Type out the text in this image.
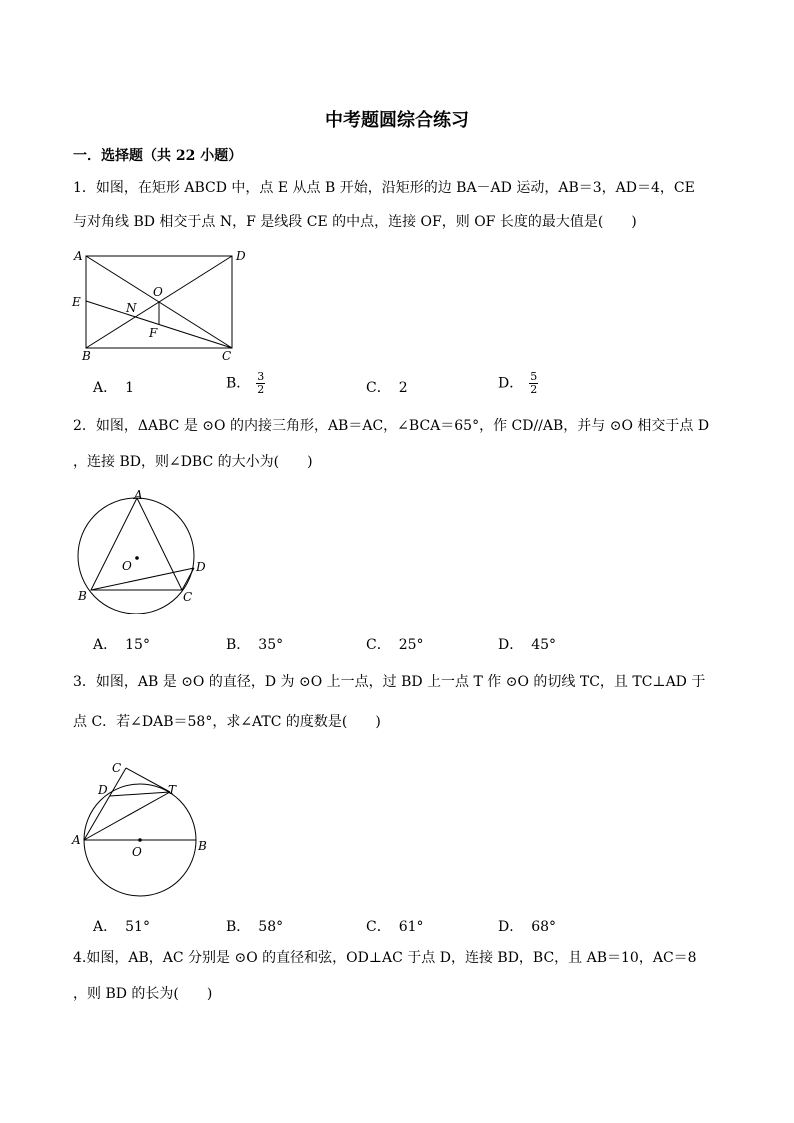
中考题圆综合练习
一．选择题（共 22 小题）
1．如图，在矩形 ABCD 中，点 E 从点 B 开始，沿矩形的边 BA－AD 运动，AB＝3，AD＝4，CE
与对角线 BD 相交于点 N，F 是线段 CE 的中点，连接 OF，则 OF 长度的最大值是(　　)
A	D
E	N
O
F
B	C
A． 1	B． $\frac{3}{2}$	C． 2	D． $\frac{5}{2}$
2．如图，ΔABC 是 ⊙O 的内接三角形，AB＝AC，∠BCA＝65°，作 CD//AB，并与 ⊙O 相交于点 D
，连接 BD，则∠DBC 的大小为(　　)
A
O	D
B	C
A． 15°	B． 35°	C． 25°	D． 45°
3．如图，AB 是 ⊙O 的直径，D 为 ⊙O 上一点，过 BD 上一点 T 作 ⊙O 的切线 TC，且 TC⊥AD 于
点 C．若∠DAB＝58°，求∠ATC 的度数是(　　)
C
D	T
A
O	B
A． 51°	B． 58°	C． 61°	D． 68°
4.如图，AB，AC 分别是 ⊙O 的直径和弦，OD⊥AC 于点 D，连接 BD，BC，且 AB＝10，AC＝8
，则 BD 的长为(　　)
